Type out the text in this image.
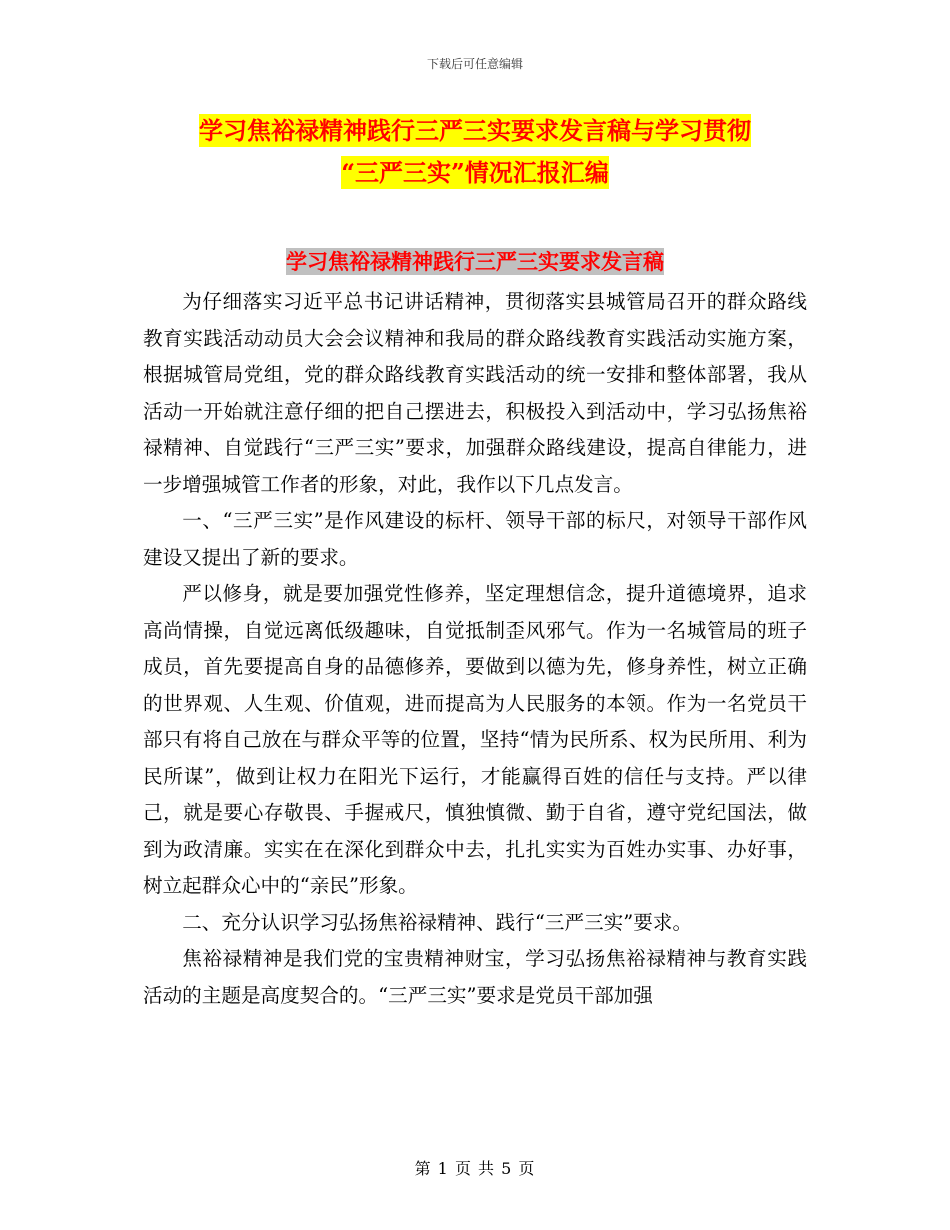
下载后可任意编辑
学习焦裕禄精神践行三严三实要求发言稿与学习贯彻
“三严三实”情况汇报汇编
学习焦裕禄精神践行三严三实要求发言稿

为仔细落实习近平总书记讲话精神，贯彻落实县城管局召开的群众路线教育实践活动动员大会会议精神和我局的群众路线教育实践活动实施方案，根据城管局党组，党的群众路线教育实践活动的统一安排和整体部署，我从活动一开始就注意仔细的把自己摆进去，积极投入到活动中，学习弘扬焦裕禄精神、自觉践行“三严三实”要求，加强群众路线建设，提高自律能力，进一步增强城管工作者的形象，对此，我作以下几点发言。

一、“三严三实”是作风建设的标杆、领导干部的标尺，对领导干部作风建设又提出了新的要求。

严以修身，就是要加强党性修养，坚定理想信念，提升道德境界，追求高尚情操，自觉远离低级趣味，自觉抵制歪风邪气。作为一名城管局的班子成员，首先要提高自身的品德修养，要做到以德为先，修身养性，树立正确的世界观、人生观、价值观，进而提高为人民服务的本领。作为一名党员干部只有将自己放在与群众平等的位置，坚持“情为民所系、权为民所用、利为民所谋”，做到让权力在阳光下运行，才能赢得百姓的信任与支持。严以律己，就是要心存敬畏、手握戒尺，慎独慎微、勤于自省，遵守党纪国法，做到为政清廉。实实在在深化到群众中去，扎扎实实为百姓办实事、办好事，树立起群众心中的“亲民”形象。

二、充分认识学习弘扬焦裕禄精神、践行“三严三实”要求。

焦裕禄精神是我们党的宝贵精神财宝，学习弘扬焦裕禄精神与教育实践活动的主题是高度契合的。“三严三实”要求是党员干部加强

第 1 页 共 5 页
